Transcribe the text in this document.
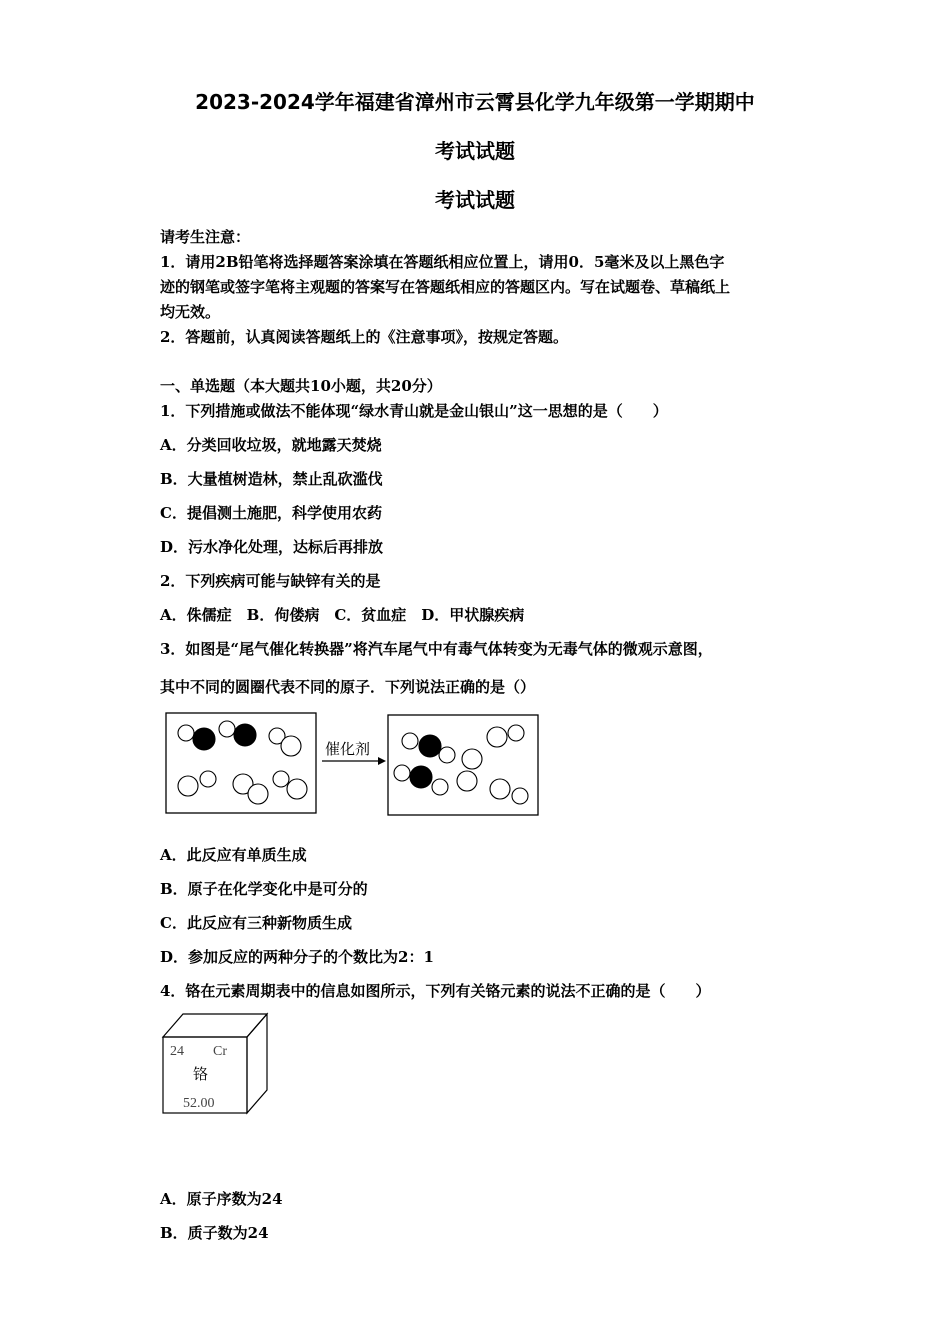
2023-2024学年福建省漳州市云霄县化学九年级第一学期期中
考试试题
考试试题
请考生注意：
1．请用2B铅笔将选择题答案涂填在答题纸相应位置上，请用0．5毫米及以上黑色字
迹的钢笔或签字笔将主观题的答案写在答题纸相应的答题区内。写在试题卷、草稿纸上
均无效。
2．答题前，认真阅读答题纸上的《注意事项》，按规定答题。
一、单选题（本大题共10小题，共20分）
1．下列措施或做法不能体现“绿水青山就是金山银山”这一思想的是（　　）
A．分类回收垃圾，就地露天焚烧
B．大量植树造林，禁止乱砍滥伐
C．提倡测土施肥，科学使用农药
D．污水净化处理，达标后再排放
2．下列疾病可能与缺锌有关的是
A．侏儒症　B．佝偻病　C．贫血症　D．甲状腺疾病
3．如图是“尾气催化转换器”将汽车尾气中有毒气体转变为无毒气体的微观示意图，
其中不同的圆圈代表不同的原子．下列说法正确的是（）
催化剂
A．此反应有单质生成
B．原子在化学变化中是可分的
C．此反应有三种新物质生成
D．参加反应的两种分子的个数比为2：1
4．铬在元素周期表中的信息如图所示，下列有关铬元素的说法不正确的是（　　）
24 Cr
铬
52.00
A．原子序数为24
B．质子数为24
